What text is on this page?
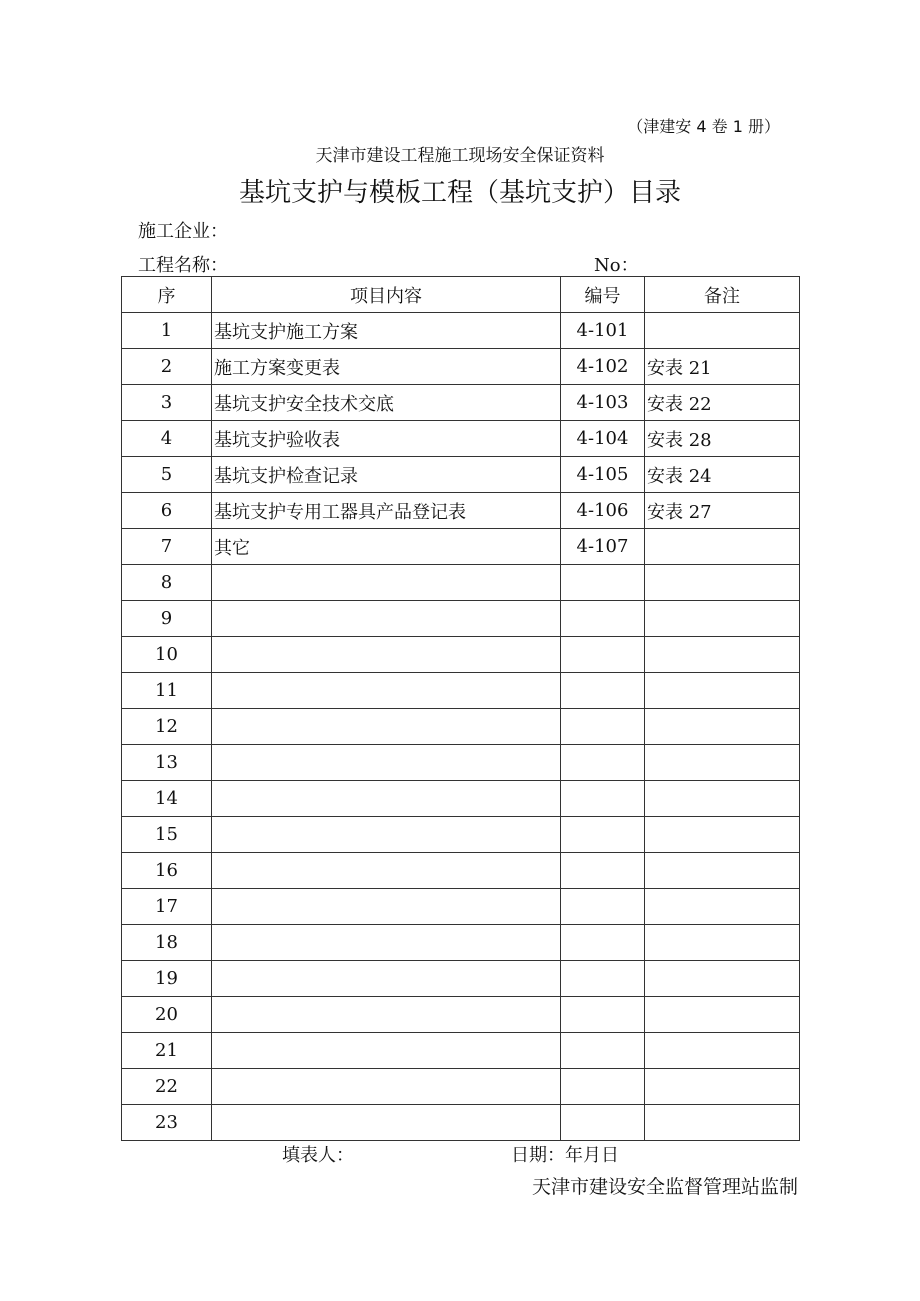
（津建安 4 卷 1 册）
天津市建设工程施工现场安全保证资料
基坑支护与模板工程（基坑支护）目录
施工企业：
工程名称：	No：
序	项目内容	编号	备注
1	基坑支护施工方案	4-101	
2	施工方案变更表	4-102	安表 21
3	基坑支护安全技术交底	4-103	安表 22
4	基坑支护验收表	4-104	安表 28
5	基坑支护检查记录	4-105	安表 24
6	基坑支护专用工器具产品登记表	4-106	安表 27
7	其它	4-107	
8			
9			
10			
11			
12			
13			
14			
15			
16			
17			
18			
19			
20			
21			
22			
23			
填表人：	日期：年月日
天津市建设安全监督管理站监制
